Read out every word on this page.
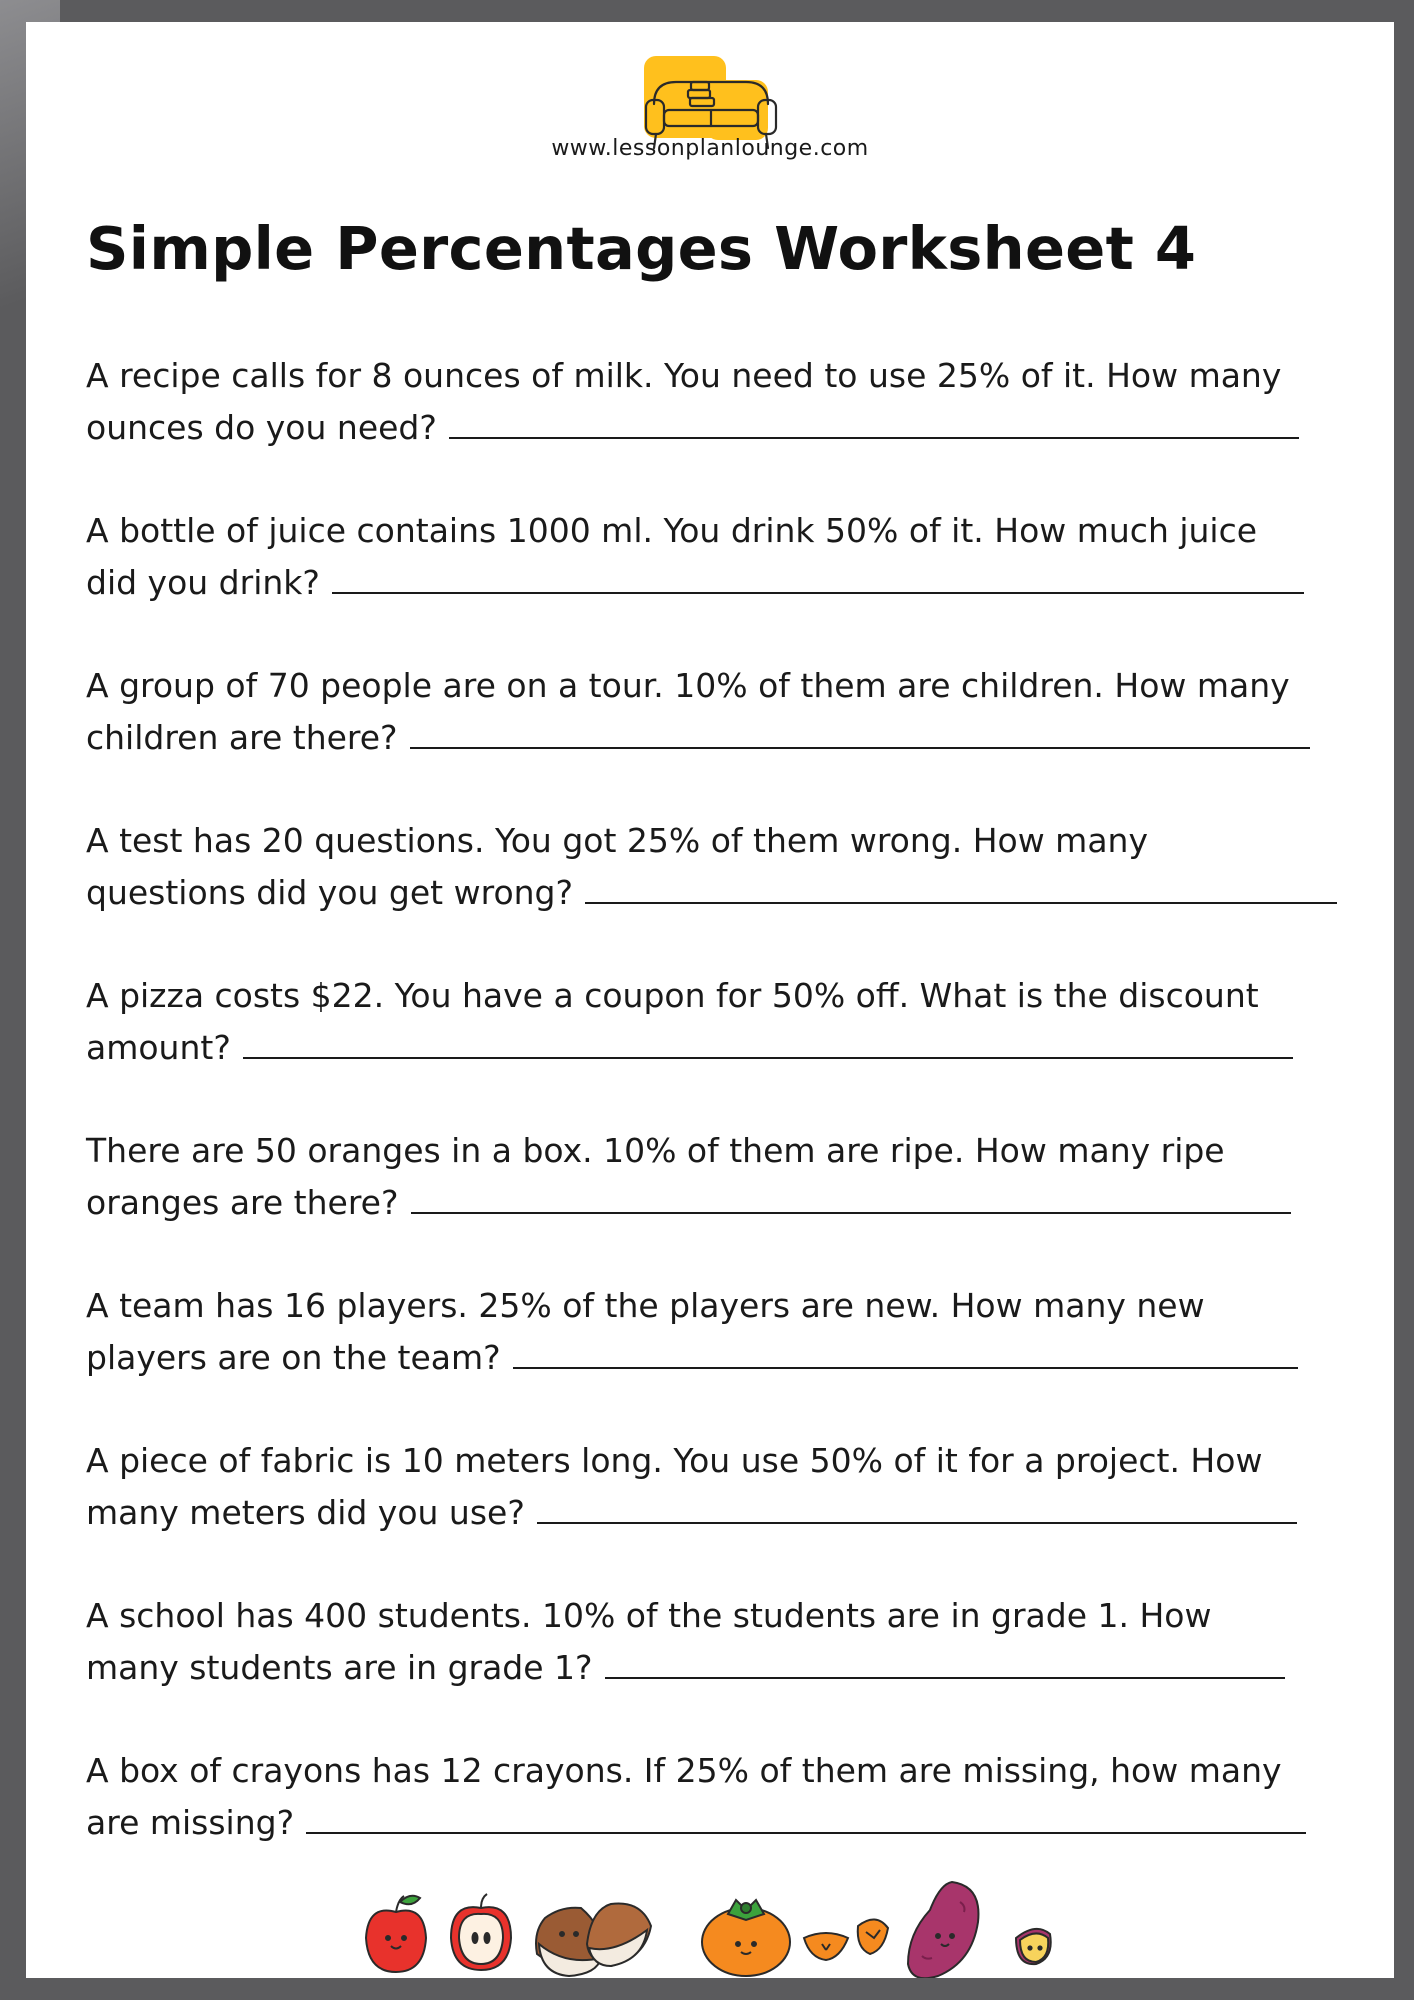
www.lessonplanlounge.com
Simple Percentages Worksheet 4
A recipe calls for 8 ounces of milk. You need to use 25% of it. How many
ounces do you need?
A bottle of juice contains 1000 ml. You drink 50% of it. How much juice
did you drink?
A group of 70 people are on a tour. 10% of them are children. How many
children are there?
A test has 20 questions. You got 25% of them wrong. How many
questions did you get wrong?
A pizza costs $22. You have a coupon for 50% off. What is the discount
amount?
There are 50 oranges in a box. 10% of them are ripe. How many ripe
oranges are there?
A team has 16 players. 25% of the players are new. How many new
players are on the team?
A piece of fabric is 10 meters long. You use 50% of it for a project. How
many meters did you use?
A school has 400 students. 10% of the students are in grade 1. How
many students are in grade 1?
A box of crayons has 12 crayons. If 25% of them are missing, how many
are missing?
